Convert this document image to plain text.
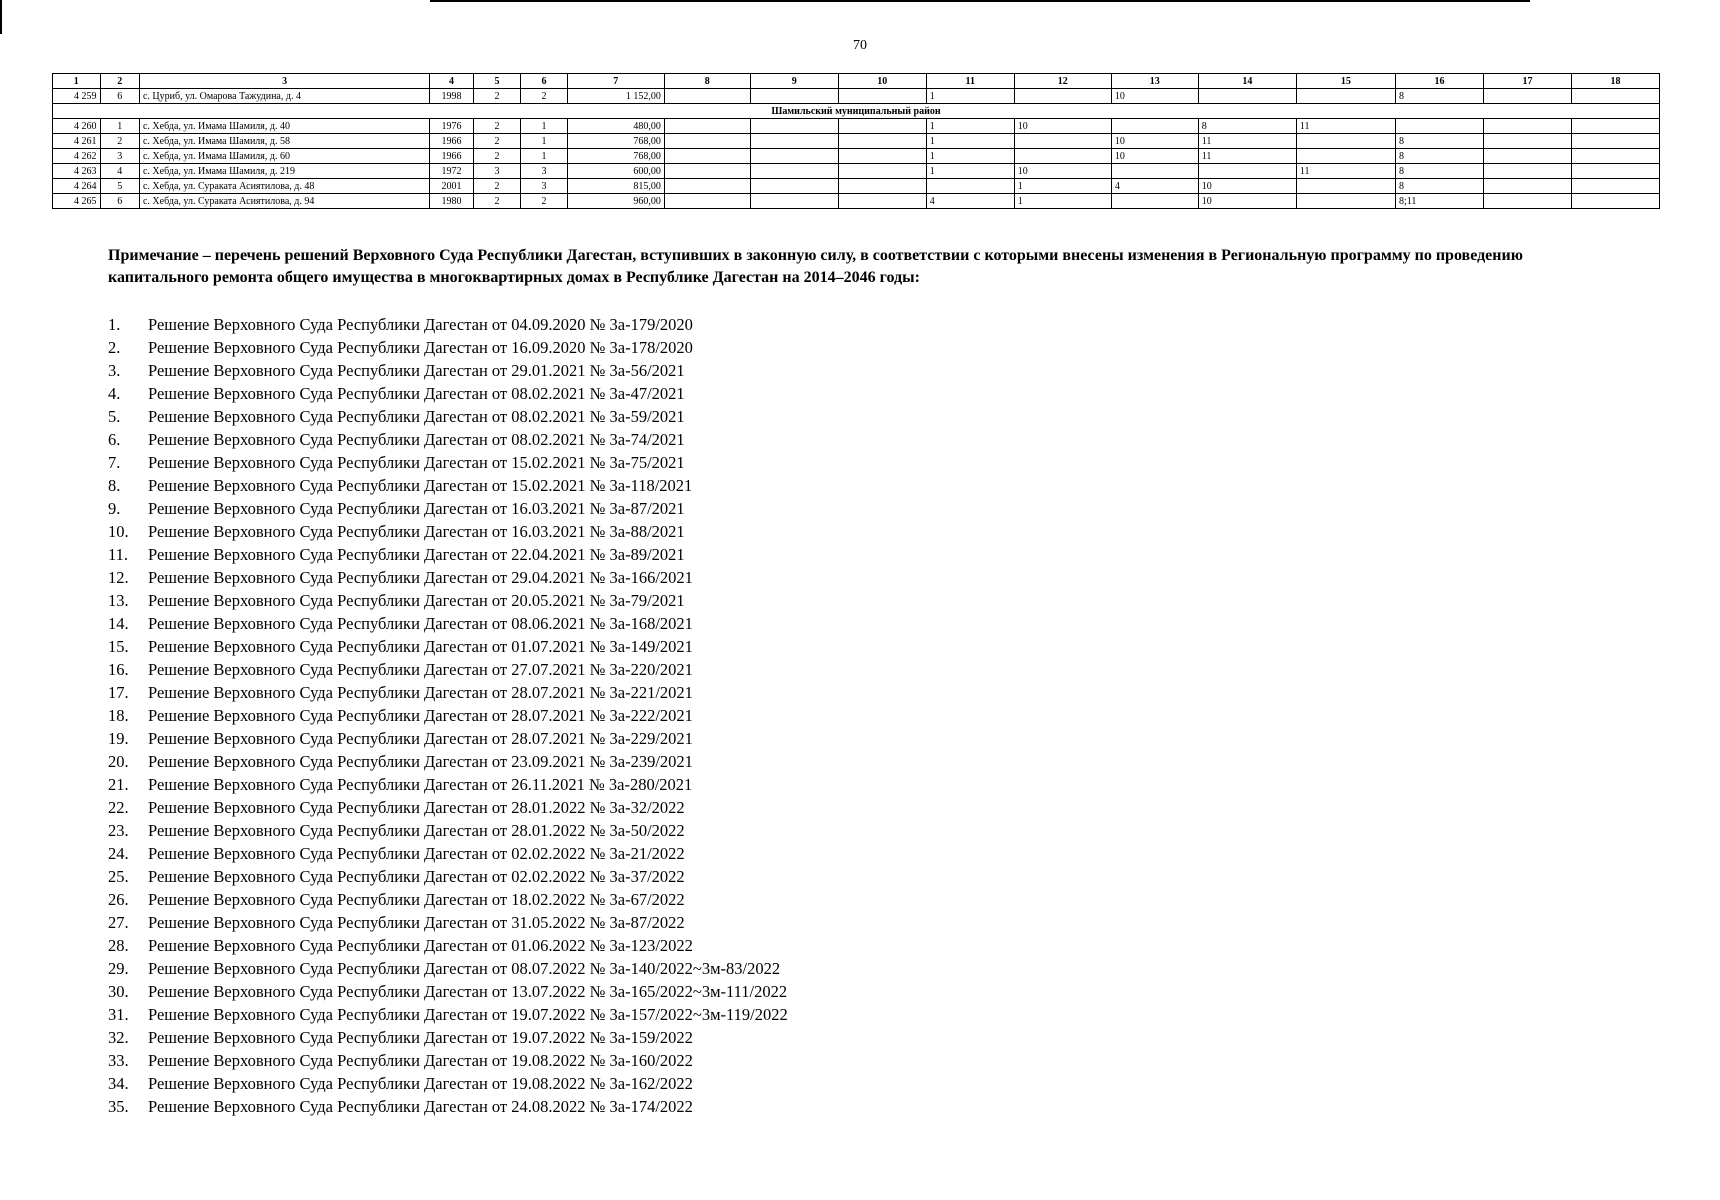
70
1	2	3	4	5	6	7	8	9	10	11	12	13	14	15	16	17	18
4 259	6	с. Цуриб, ул. Омарова Тажудина, д. 4	1998	2	2	1 152,00				1		10			8		
Шамильский муниципальный район																	
4 260	1	с. Хебда, ул. Имама Шамиля, д. 40	1976	2	1	480,00				1	10		8	11			
4 261	2	с. Хебда, ул. Имама Шамиля, д. 58	1966	2	1	768,00				1		10	11		8		
4 262	3	с. Хебда, ул. Имама Шамиля, д. 60	1966	2	1	768,00				1		10	11		8		
4 263	4	с. Хебда, ул. Имама Шамиля, д. 219	1972	3	3	600,00				1	10			11	8		
4 264	5	с. Хебда, ул. Сураката Асиятилова, д. 48	2001	2	3	815,00					1	4	10		8		
4 265	6	с. Хебда, ул. Сураката Асиятилова, д. 94	1980	2	2	960,00				4	1		10		8;11		
Примечание – перечень решений Верховного Суда Республики Дагестан, вступивших в законную силу, в соответствии с которыми внесены изменения в Региональную программу по проведению капитального ремонта общего имущества в многоквартирных домах в Республике Дагестан на 2014–2046 годы:
1.	Решение Верховного Суда Республики Дагестан от 04.09.2020 № 3а-179/2020
2.	Решение Верховного Суда Республики Дагестан от 16.09.2020 № 3а-178/2020
3.	Решение Верховного Суда Республики Дагестан от 29.01.2021 № 3а-56/2021
4.	Решение Верховного Суда Республики Дагестан от 08.02.2021 № 3а-47/2021
5.	Решение Верховного Суда Республики Дагестан от 08.02.2021 № 3а-59/2021
6.	Решение Верховного Суда Республики Дагестан от 08.02.2021 № 3а-74/2021
7.	Решение Верховного Суда Республики Дагестан от 15.02.2021 № 3а-75/2021
8.	Решение Верховного Суда Республики Дагестан от 15.02.2021 № 3а-118/2021
9.	Решение Верховного Суда Республики Дагестан от 16.03.2021 № 3а-87/2021
10.	Решение Верховного Суда Республики Дагестан от 16.03.2021 № 3а-88/2021
11.	Решение Верховного Суда Республики Дагестан от 22.04.2021 № 3а-89/2021
12.	Решение Верховного Суда Республики Дагестан от 29.04.2021 № 3а-166/2021
13.	Решение Верховного Суда Республики Дагестан от 20.05.2021 № 3а-79/2021
14.	Решение Верховного Суда Республики Дагестан от 08.06.2021 № 3а-168/2021
15.	Решение Верховного Суда Республики Дагестан от 01.07.2021 № 3а-149/2021
16.	Решение Верховного Суда Республики Дагестан от 27.07.2021 № 3а-220/2021
17.	Решение Верховного Суда Республики Дагестан от 28.07.2021 № 3а-221/2021
18.	Решение Верховного Суда Республики Дагестан от 28.07.2021 № 3а-222/2021
19.	Решение Верховного Суда Республики Дагестан от 28.07.2021 № 3а-229/2021
20.	Решение Верховного Суда Республики Дагестан от 23.09.2021 № 3а-239/2021
21.	Решение Верховного Суда Республики Дагестан от 26.11.2021 № 3а-280/2021
22.	Решение Верховного Суда Республики Дагестан от 28.01.2022 № 3а-32/2022
23.	Решение Верховного Суда Республики Дагестан от 28.01.2022 № 3а-50/2022
24.	Решение Верховного Суда Республики Дагестан от 02.02.2022 № 3а-21/2022
25.	Решение Верховного Суда Республики Дагестан от 02.02.2022 № 3а-37/2022
26.	Решение Верховного Суда Республики Дагестан от 18.02.2022 № 3а-67/2022
27.	Решение Верховного Суда Республики Дагестан от 31.05.2022 № 3а-87/2022
28.	Решение Верховного Суда Республики Дагестан от 01.06.2022 № 3а-123/2022
29.	Решение Верховного Суда Республики Дагестан от 08.07.2022 № 3а-140/2022~3м-83/2022
30.	Решение Верховного Суда Республики Дагестан от 13.07.2022 № 3а-165/2022~3м-111/2022
31.	Решение Верховного Суда Республики Дагестан от 19.07.2022 № 3а-157/2022~3м-119/2022
32.	Решение Верховного Суда Республики Дагестан от 19.07.2022 № 3а-159/2022
33.	Решение Верховного Суда Республики Дагестан от 19.08.2022 № 3а-160/2022
34.	Решение Верховного Суда Республики Дагестан от 19.08.2022 № 3а-162/2022
35.	Решение Верховного Суда Республики Дагестан от 24.08.2022 № 3а-174/2022
